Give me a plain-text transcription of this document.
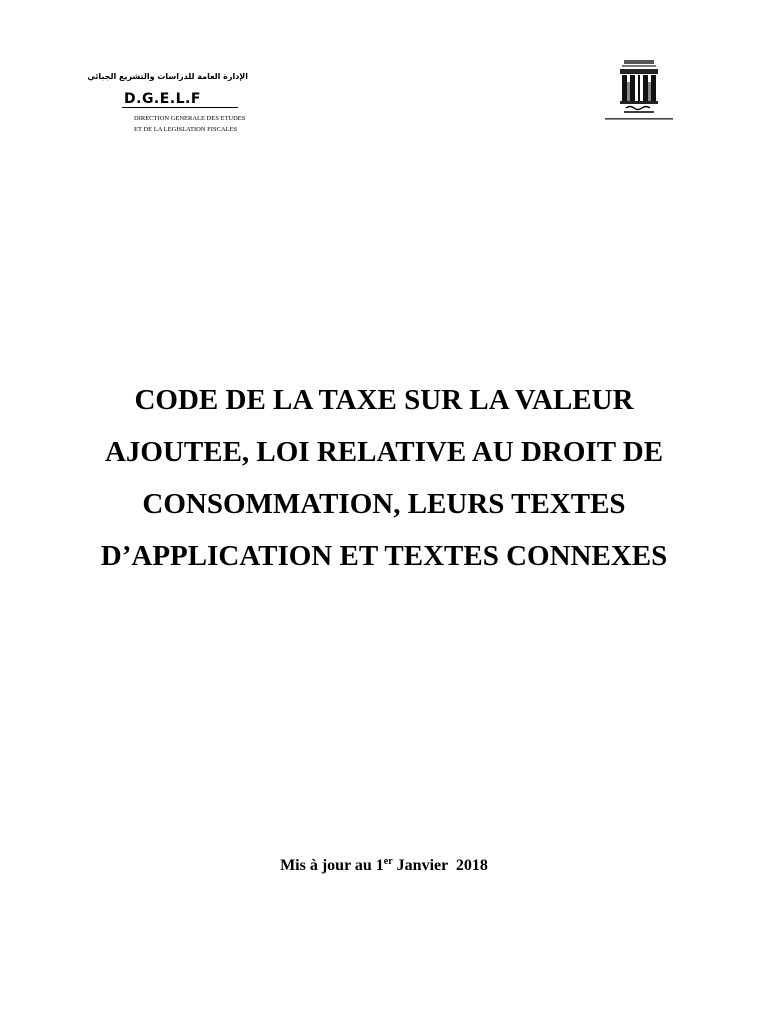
الإدارة العامة للدراسات والتشريع الجبائي
D.G.E.L.F
DIRECTION GENERALE DES ETUDES
ET DE LA LEGISLATION FISCALES
CODE DE LA TAXE SUR LA VALEUR
AJOUTEE, LOI RELATIVE AU DROIT DE
CONSOMMATION, LEURS TEXTES
D’APPLICATION ET TEXTES CONNEXES
Mis à jour au 1er Janvier  2018
